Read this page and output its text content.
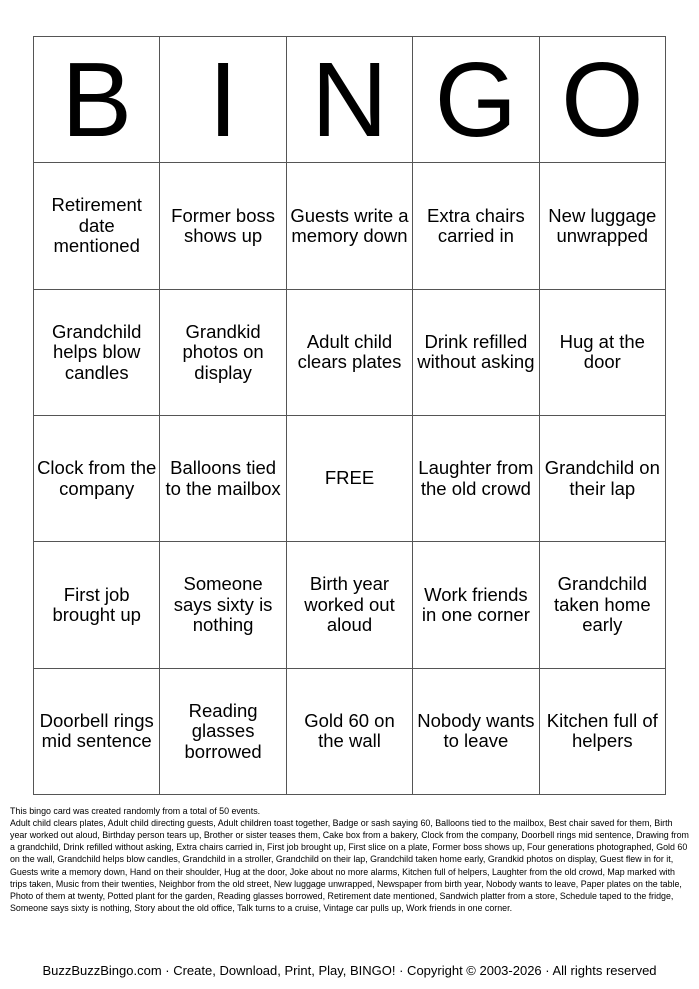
B I N G O
Retirement date mentioned
Former boss shows up
Guests write a memory down
Extra chairs carried in
New luggage unwrapped
Grandchild helps blow candles
Grandkid photos on display
Adult child clears plates
Drink refilled without asking
Hug at the door
Clock from the company
Balloons tied to the mailbox	FREE	Laughter from the old crowd
Grandchild on their lap
First job brought up
Someone says sixty is nothing
Birth year worked out aloud
Work friends in one corner
Grandchild taken home early
Doorbell rings mid sentence
Reading glasses borrowed
Gold 60 on the wall
Nobody wants to leave
Kitchen full of helpers

This bingo card was created randomly from a total of 50 events.

Adult child clears plates, Adult child directing guests, Adult children toast together, Badge or sash saying 60, Balloons tied to the mailbox, Best chair saved for them, Birth year worked out aloud, Birthday person tears up, Brother or sister teases them, Cake box from a bakery, Clock from the company, Doorbell rings mid sentence, Drawing from a grandchild, Drink refilled without asking, Extra chairs carried in, First job brought up, First slice on a plate, Former boss shows up, Four generations photographed, Gold 60 on the wall, Grandchild helps blow candles, Grandchild in a stroller, Grandchild on their lap, Grandchild taken home early, Grandkid photos on display, Guest flew in for it, Guests write a memory down, Hand on their shoulder, Hug at the door, Joke about no more alarms, Kitchen full of helpers, Laughter from the old crowd, Map marked with trips taken, Music from their twenties, Neighbor from the old street, New luggage unwrapped, Newspaper from birth year, Nobody wants to leave, Paper plates on the table, Photo of them at twenty, Potted plant for the garden, Reading glasses borrowed, Retirement date mentioned, Sandwich platter from a store, Schedule taped to the fridge, Someone says sixty is nothing, Story about the old office, Talk turns to a cruise, Vintage car pulls up, Work friends in one corner.

BuzzBuzzBingo.com · Create, Download, Print, Play, BINGO! · Copyright © 2003-2026 · All rights reserved
